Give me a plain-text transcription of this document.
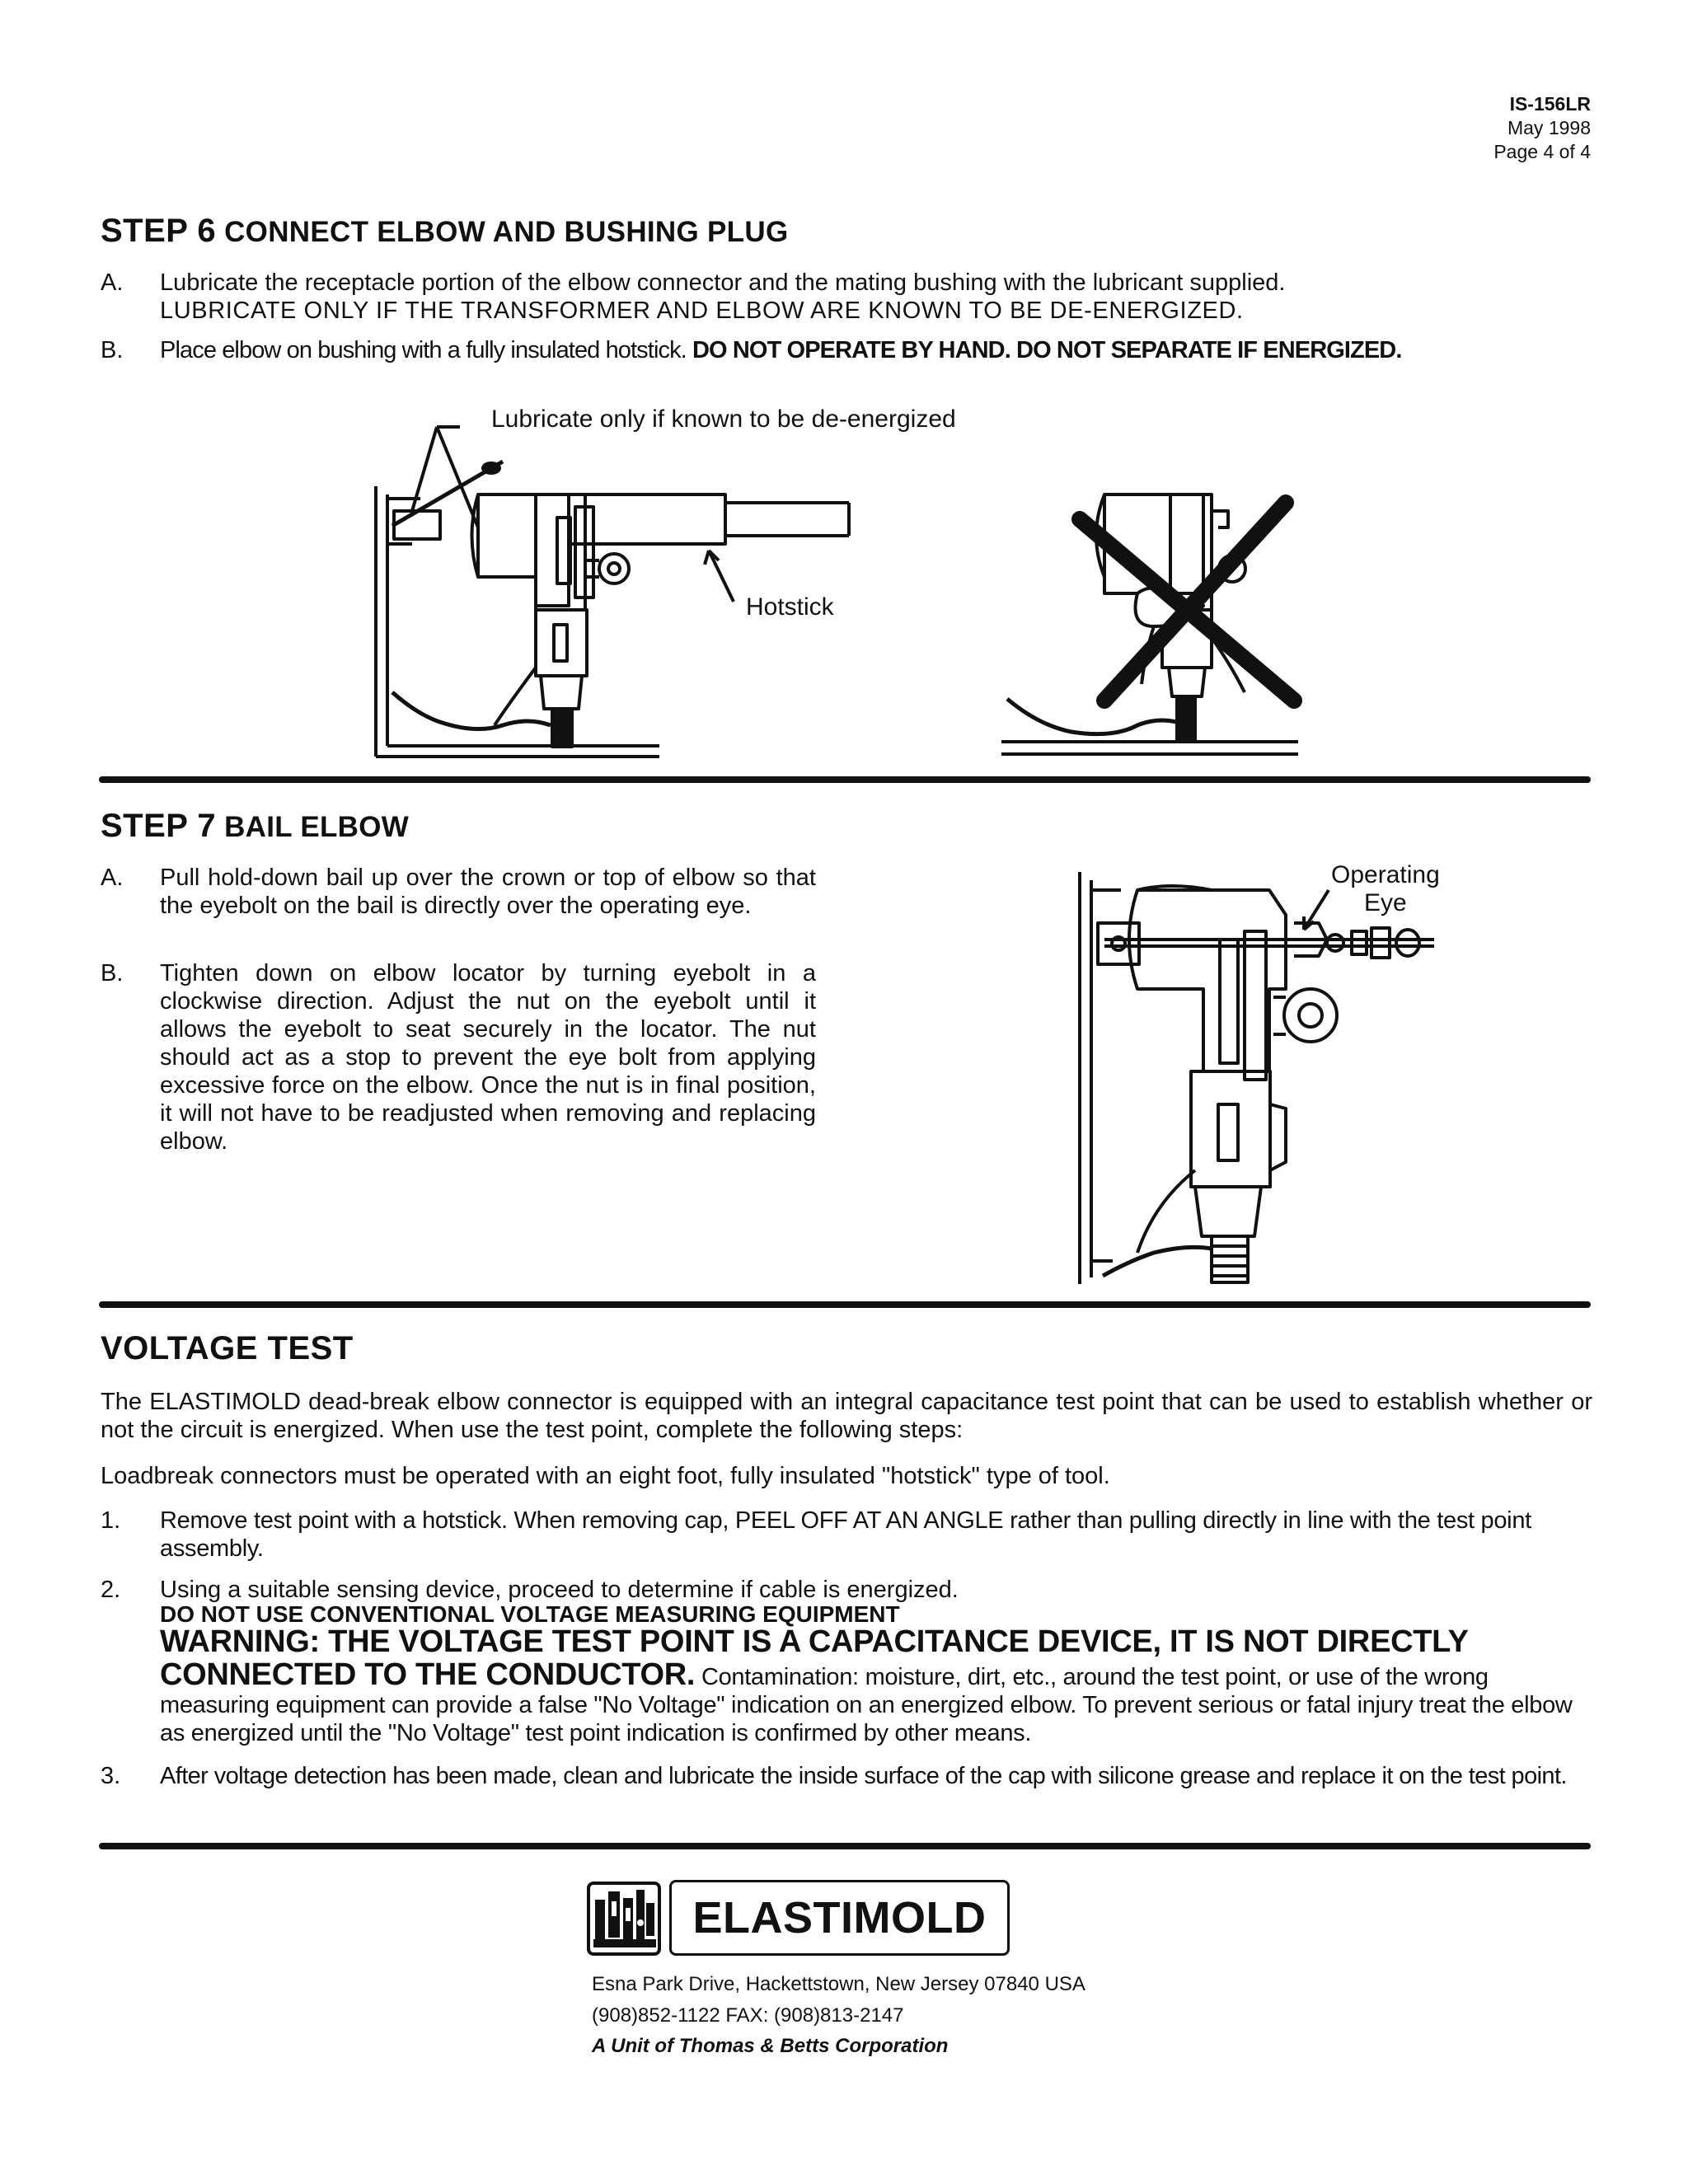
IS-156LR
May 1998
Page 4 of 4
STEP 6 CONNECT ELBOW AND BUSHING PLUG
A.	Lubricate the receptacle portion of the elbow connector and the mating bushing with the lubricant supplied.
LUBRICATE ONLY IF THE TRANSFORMER AND ELBOW ARE KNOWN TO BE DE-ENERGIZED.
B.	Place elbow on bushing with a fully insulated hotstick. DO NOT OPERATE BY HAND. DO NOT SEPARATE IF ENERGIZED.
Lubricate only if known to be de-energized
Hotstick
STEP 7 BAIL ELBOW
A.	Pull hold-down bail up over the crown or top of elbow so that the eyebolt on the bail is directly over the operating eye.
B.	Tighten down on elbow locator by turning eyebolt in a clockwise direction. Adjust the nut on the eyebolt until it allows the eyebolt to seat securely in the locator. The nut should act as a stop to prevent the eye bolt from applying excessive force on the elbow. Once the nut is in final position, it will not have to be readjusted when removing and replacing elbow.
Operating
Eye
VOLTAGE TEST
The ELASTIMOLD dead-break elbow connector is equipped with an integral capacitance test point that can be used to establish whether or not the circuit is energized. When use the test point, complete the following steps:
Loadbreak connectors must be operated with an eight foot, fully insulated "hotstick" type of tool.
1.	Remove test point with a hotstick. When removing cap, PEEL OFF AT AN ANGLE rather than pulling directly in line with the test point assembly.
2.	Using a suitable sensing device, proceed to determine if cable is energized.
DO NOT USE CONVENTIONAL VOLTAGE MEASURING EQUIPMENT
WARNING: THE VOLTAGE TEST POINT IS A CAPACITANCE DEVICE, IT IS NOT DIRECTLY CONNECTED TO THE CONDUCTOR. Contamination: moisture, dirt, etc., around the test point, or use of the wrong measuring equipment can provide a false "No Voltage" indication on an energized elbow. To prevent serious or fatal injury treat the elbow as energized until the "No Voltage" test point indication is confirmed by other means.
3.	After voltage detection has been made, clean and lubricate the inside surface of the cap with silicone grease and replace it on the test point.
ELASTIMOLD
Esna Park Drive, Hackettstown, New Jersey 07840 USA
(908)852-1122 FAX: (908)813-2147
A Unit of Thomas & Betts Corporation
